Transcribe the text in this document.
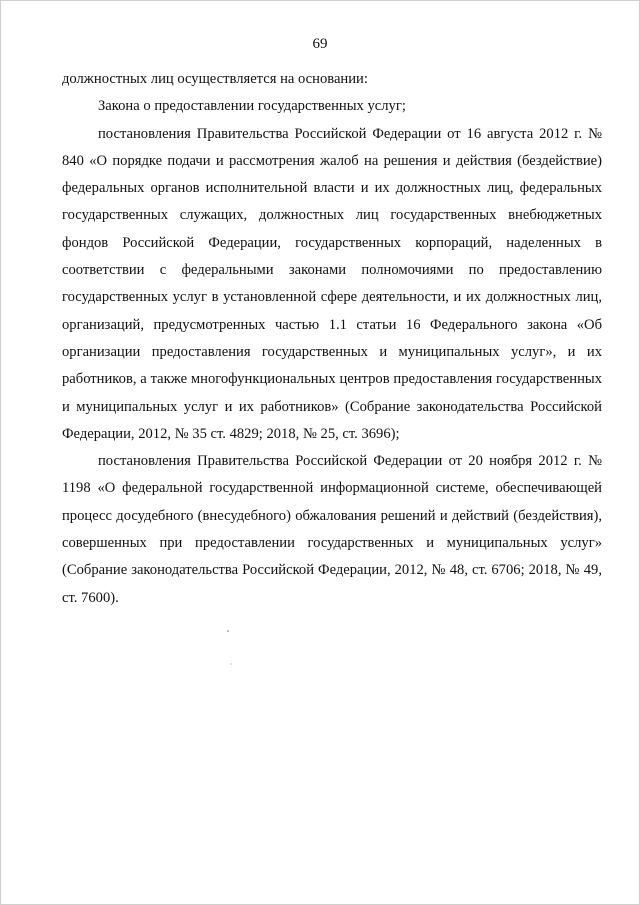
69

должностных лиц осуществляется на основании:

Закона о предоставлении государственных услуг;

постановления Правительства Российской Федерации от 16 августа 2012 г. № 840 «О порядке подачи и рассмотрения жалоб на решения и действия (бездействие) федеральных органов исполнительной власти и их должностных лиц, федеральных государственных служащих, должностных лиц государственных внебюджетных фондов Российской Федерации, государственных корпораций, наделенных в соответствии с федеральными законами полномочиями по предоставлению государственных услуг в установленной сфере деятельности, и их должностных лиц, организаций, предусмотренных частью 1.1 статьи 16 Федерального закона «Об организации предоставления государственных и муниципальных услуг», и их работников, а также многофункциональных центров предоставления государственных и муниципальных услуг и их работников» (Собрание законодательства Российской Федерации, 2012, № 35 ст. 4829; 2018, № 25, ст. 3696);

постановления Правительства Российской Федерации от 20 ноября 2012 г. № 1198 «О федеральной государственной информационной системе, обеспечивающей процесс досудебного (внесудебного) обжалования решений и действий (бездействия), совершенных при предоставлении государственных и муниципальных услуг» (Собрание законодательства Российской Федерации, 2012, № 48, ст. 6706; 2018, № 49, ст. 7600).
